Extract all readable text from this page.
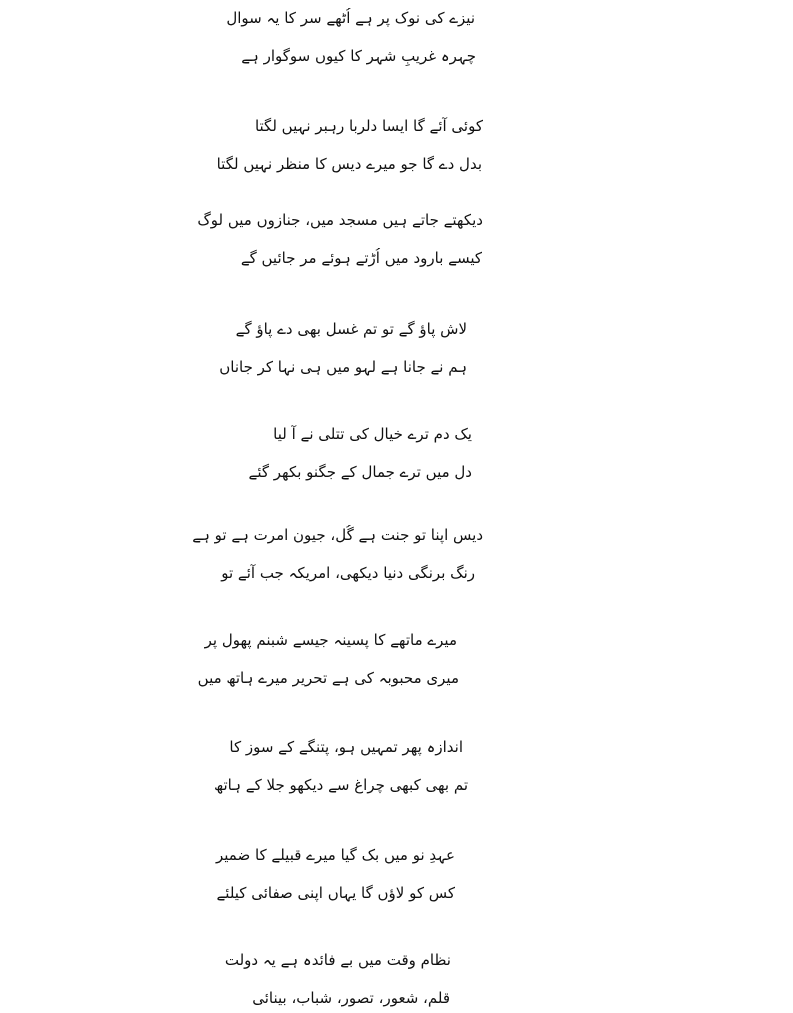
نیزے کی نوک پر ہے اُٹھے سر کا یہ سوال
چہرہ غریبِ شہر کا کیوں سوگوار ہے
کوئی آئے گا ایسا دلربا رہبر نہیں لگتا
بدل دے گا جو میرے دیس کا منظر نہیں لگتا
دیکھتے جاتے ہیں مسجد میں، جنازوں میں لوگ
کیسے بارود میں اُڑتے ہوئے مر جائیں گے
لاش پاؤ گے تو تم غسل بھی دے پاؤ گے
ہم نے جانا ہے لہو میں ہی نہا کر جاناں
یک دم ترے خیال کی تتلی نے آ لیا
دل میں ترے جمال کے جگنو بکھر گئے
دیس اپنا تو جنت ہے گُل، جیون امرت ہے تو ہے
رنگ برنگی دنیا دیکھی، امریکہ جب آئے تو
میرے ماتھے کا پسینہ جیسے شبنم پھول پر
میری محبوبہ کی ہے تحریر میرے ہاتھ میں
اندازہ پھر تمہیں ہو، پتنگے کے سوز کا
تم بھی کبھی چراغ سے دیکھو جلا کے ہاتھ
عہدِ نو میں بک گیا میرے قبیلے کا ضمیر
کس کو لاؤں گا یہاں اپنی صفائی کیلئے
نظامِ وقت میں بے فائدہ ہے یہ دولت
قلم، شعور، تصور، شباب، بینائی
